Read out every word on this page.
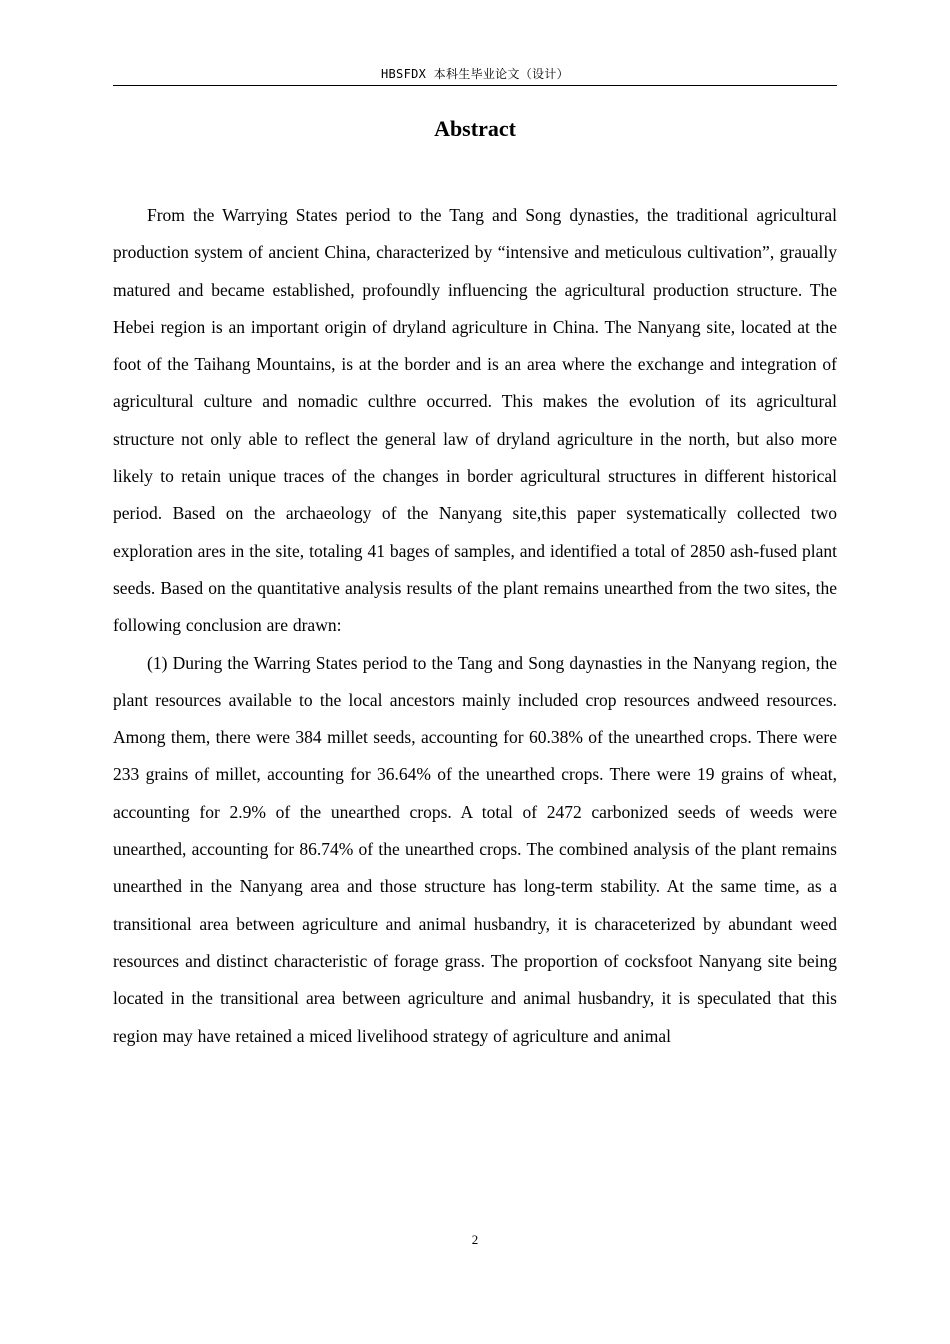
HBSFDX 本科生毕业论文（设计）
Abstract

From the Warrying States period to the Tang and Song dynasties, the traditional agricultural production system of ancient China, characterized by “intensive and meticulous cultivation”, graually matured and became established, profoundly influencing the agricultural production structure. The Hebei region is an important origin of dryland agriculture in China. The Nanyang site, located at the foot of the Taihang Mountains, is at the border and is an area where the exchange and integration of agricultural culture and nomadic culthre occurred. This makes the evolution of its agricultural structure not only able to reflect the general law of dryland agriculture in the north, but also more likely to retain unique traces of the changes in border agricultural structures in different historical period. Based on the archaeology of the Nanyang site,this paper systematically collected two exploration ares in the site, totaling 41 bages of samples, and identified a total of 2850 ash-fused plant seeds. Based on the quantitative analysis results of the plant remains unearthed from the two sites, the following conclusion are drawn:

(1) During the Warring States period to the Tang and Song daynasties in the Nanyang region, the plant resources available to the local ancestors mainly included crop resources andweed resources. Among them, there were 384 millet seeds, accounting for 60.38% of the unearthed crops. There were 233 grains of millet, accounting for 36.64% of the unearthed crops. There were 19 grains of wheat, accounting for 2.9% of the unearthed crops. A total of 2472 carbonized seeds of weeds were unearthed, accounting for 86.74% of the unearthed crops. The combined analysis of the plant remains unearthed in the Nanyang area and those structure has long-term stability. At the same time, as a transitional area between agriculture and animal husbandry, it is characeterized by abundant weed resources and distinct characteristic of forage grass. The proportion of cocksfoot Nanyang site being located in the transitional area between agriculture and animal husbandry, it is speculated that this region may have retained a miced livelihood strategy of agriculture and animal

2
